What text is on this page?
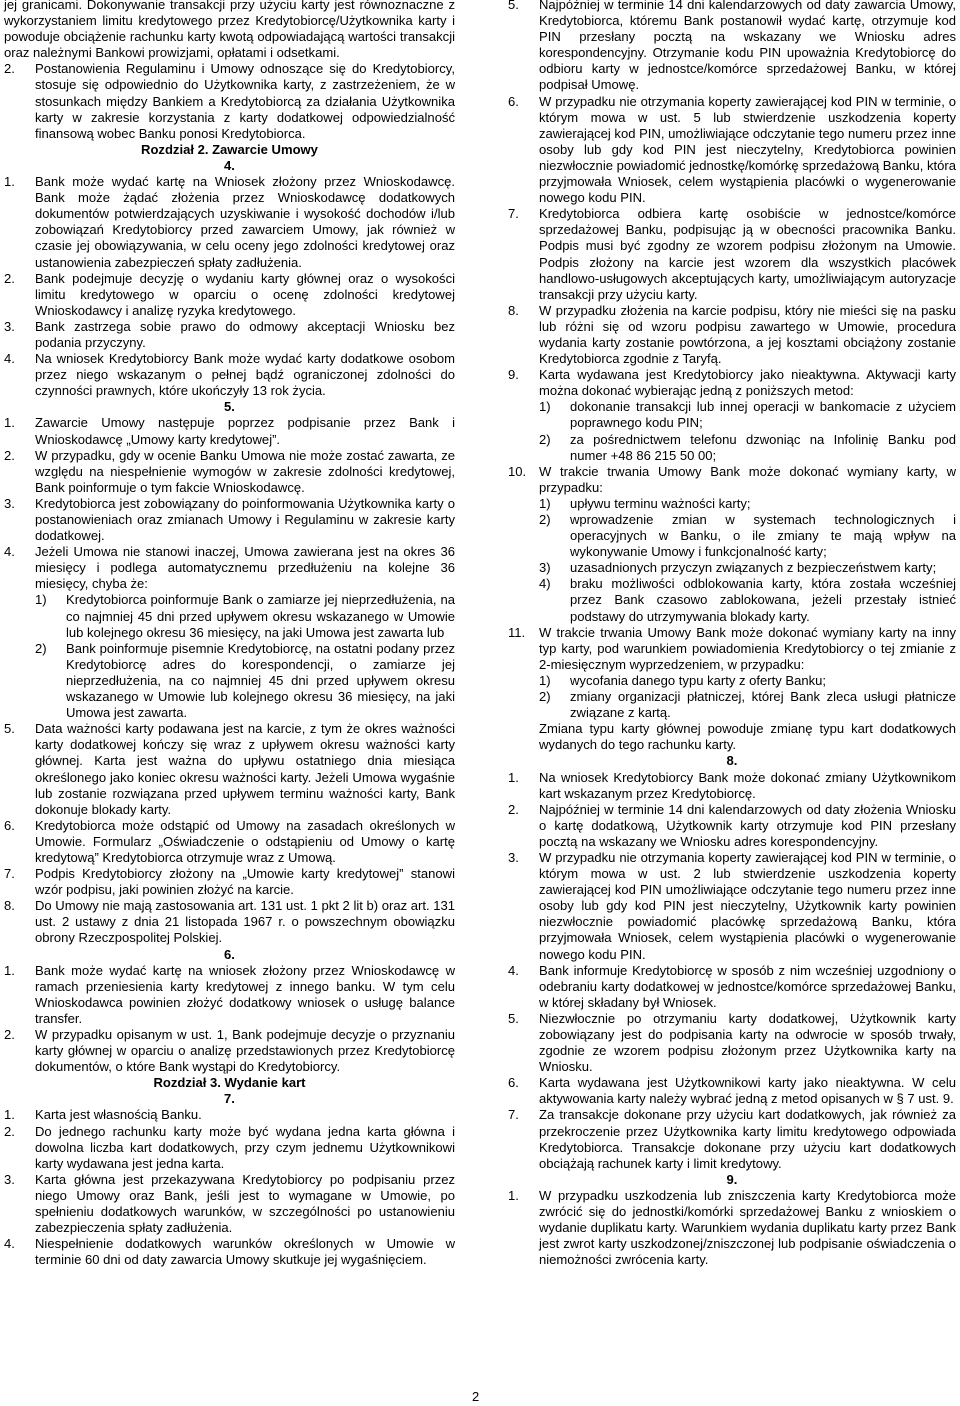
jej granicami. Dokonywanie transakcji przy użyciu karty jest równoznaczne z wykorzystaniem limitu kredytowego przez Kredytobiorcę/Użytkownika karty i powoduje obciążenie rachunku karty kwotą odpowiadającą wartości transakcji oraz należnymi Bankowi prowizjami, opłatami i odsetkami.

2.	Postanowienia Regulaminu i Umowy odnoszące się do Kredytobiorcy, stosuje się odpowiednio do Użytkownika karty, z zastrzeżeniem, że w stosunkach między Bankiem a Kredytobiorcą za działania Użytkownika karty w zakresie korzystania z karty dodatkowej odpowiedzialność finansową wobec Banku ponosi Kredytobiorca.

Rozdział 2. Zawarcie Umowy

4.

1.	Bank może wydać kartę na Wniosek złożony przez Wnioskodawcę. Bank może żądać złożenia przez Wnioskodawcę dodatkowych dokumentów potwierdzających uzyskiwanie i wysokość dochodów i/lub zobowiązań Kredytobiorcy przed zawarciem Umowy, jak również w czasie jej obowiązywania, w celu oceny jego zdolności kredytowej oraz ustanowienia zabezpieczeń spłaty zadłużenia.
2.	Bank podejmuje decyzję o wydaniu karty głównej oraz o wysokości limitu kredytowego w oparciu o ocenę zdolności kredytowej Wnioskodawcy i analizę ryzyka kredytowego.
3.	Bank zastrzega sobie prawo do odmowy akceptacji Wniosku bez podania przyczyny.
4.	Na wniosek Kredytobiorcy Bank może wydać karty dodatkowe osobom przez niego wskazanym o pełnej bądź ograniczonej zdolności do czynności prawnych, które ukończyły 13 rok życia.

5.

1.	Zawarcie Umowy następuje poprzez podpisanie przez Bank i Wnioskodawcę „Umowy karty kredytowej”.
2.	W przypadku, gdy w ocenie Banku Umowa nie może zostać zawarta, ze względu na niespełnienie wymogów w zakresie zdolności kredytowej, Bank poinformuje o tym fakcie Wnioskodawcę.
3.	Kredytobiorca jest zobowiązany do poinformowania Użytkownika karty o postanowieniach oraz zmianach Umowy i Regulaminu w zakresie karty dodatkowej.
4.	Jeżeli Umowa nie stanowi inaczej, Umowa zawierana jest na okres 36 miesięcy i podlega automatycznemu przedłużeniu na kolejne 36 miesięcy, chyba że:
1)	Kredytobiorca poinformuje Bank o zamiarze jej nieprzedłużenia, na co najmniej 45 dni przed upływem okresu wskazanego w Umowie lub kolejnego okresu 36 miesięcy, na jaki Umowa jest zawarta lub
2)	Bank poinformuje pisemnie Kredytobiorcę, na ostatni podany przez Kredytobiorcę adres do korespondencji, o zamiarze jej nieprzedłużenia, na co najmniej 45 dni przed upływem okresu wskazanego w Umowie lub kolejnego okresu 36 miesięcy, na jaki Umowa jest zawarta.
5.	Data ważności karty podawana jest na karcie, z tym że okres ważności karty dodatkowej kończy się wraz z upływem okresu ważności karty głównej. Karta jest ważna do upływu ostatniego dnia miesiąca określonego jako koniec okresu ważności karty. Jeżeli Umowa wygaśnie lub zostanie rozwiązana przed upływem terminu ważności karty, Bank dokonuje blokady karty.
6.	Kredytobiorca może odstąpić od Umowy na zasadach określonych w Umowie. Formularz „Oświadczenie o odstąpieniu od Umowy o kartę kredytową” Kredytobiorca otrzymuje wraz z Umową.
7.	Podpis Kredytobiorcy złożony na „Umowie karty kredytowej” stanowi wzór podpisu, jaki powinien złożyć na karcie.
8.	Do Umowy nie mają zastosowania art. 131 ust. 1 pkt 2 lit b) oraz art. 131 ust. 2 ustawy z dnia 21 listopada 1967 r. o powszechnym obowiązku obrony Rzeczpospolitej Polskiej.

6.

1.	Bank może wydać kartę na wniosek złożony przez Wnioskodawcę w ramach przeniesienia karty kredytowej z innego banku. W tym celu Wnioskodawca powinien złożyć dodatkowy wniosek o usługę balance transfer.
2.	W przypadku opisanym w ust. 1, Bank podejmuje decyzje o przyznaniu karty głównej w oparciu o analizę przedstawionych przez Kredytobiorcę dokumentów, o które Bank wystąpi do Kredytobiorcy.

Rozdział 3. Wydanie kart

7.

1.	Karta jest własnością Banku.
2.	Do jednego rachunku karty może być wydana jedna karta główna i dowolna liczba kart dodatkowych, przy czym jednemu Użytkownikowi karty wydawana jest jedna karta.
3.	Karta główna jest przekazywana Kredytobiorcy po podpisaniu przez niego Umowy oraz Bank, jeśli jest to wymagane w Umowie, po spełnieniu dodatkowych warunków, w szczególności po ustanowieniu zabezpieczenia spłaty zadłużenia.
4.	Niespełnienie dodatkowych warunków określonych w Umowie w terminie 60 dni od daty zawarcia Umowy skutkuje jej wygaśnięciem.
5.	Najpóźniej w terminie 14 dni kalendarzowych od daty zawarcia Umowy, Kredytobiorca, któremu Bank postanowił wydać kartę, otrzymuje kod PIN przesłany pocztą na wskazany we Wniosku adres korespondencyjny. Otrzymanie kodu PIN upoważnia Kredytobiorcę do odbioru karty w jednostce/komórce sprzedażowej Banku, w której podpisał Umowę.
6.	W przypadku nie otrzymania koperty zawierającej kod PIN w terminie, o którym mowa w ust. 5 lub stwierdzenie uszkodzenia koperty zawierającej kod PIN, umożliwiające odczytanie tego numeru przez inne osoby lub gdy kod PIN jest nieczytelny, Kredytobiorca powinien niezwłocznie powiadomić jednostkę/komórkę sprzedażową Banku, która przyjmowała Wniosek, celem wystąpienia placówki o wygenerowanie nowego kodu PIN.
7.	Kredytobiorca odbiera kartę osobiście w jednostce/komórce sprzedażowej Banku, podpisując ją w obecności pracownika Banku. Podpis musi być zgodny ze wzorem podpisu złożonym na Umowie. Podpis złożony na karcie jest wzorem dla wszystkich placówek handlowo-usługowych akceptujących karty, umożliwiającym autoryzacje transakcji przy użyciu karty.
8.	W przypadku złożenia na karcie podpisu, który nie mieści się na pasku lub różni się od wzoru podpisu zawartego w Umowie, procedura wydania karty zostanie powtórzona, a jej kosztami obciążony zostanie Kredytobiorca zgodnie z Taryfą.
9.	Karta wydawana jest Kredytobiorcy jako nieaktywna. Aktywacji karty można dokonać wybierając jedną z poniższych metod:
1)	dokonanie transakcji lub innej operacji w bankomacie z użyciem poprawnego kodu PIN;
2)	za pośrednictwem telefonu dzwoniąc na Infolinię Banku pod numer +48 86 215 50 00;
10. W trakcie trwania Umowy Bank może dokonać wymiany karty, w przypadku:
1)	upływu terminu ważności karty;
2)	wprowadzenie zmian w systemach technologicznych i operacyjnych w Banku, o ile zmiany te mają wpływ na wykonywanie Umowy i funkcjonalność karty;
3)	uzasadnionych przyczyn związanych z bezpieczeństwem karty;
4)	braku możliwości odblokowania karty, która została wcześniej przez Bank czasowo zablokowana, jeżeli przestały istnieć podstawy do utrzymywania blokady karty.
11.	W trakcie trwania Umowy Bank może dokonać wymiany karty na inny typ karty, pod warunkiem powiadomienia Kredytobiorcy o tej zmianie z 2-miesięcznym wyprzedzeniem, w przypadku:
1)	wycofania danego typu karty z oferty Banku;
2)	zmiany organizacji płatniczej, której Bank zleca usługi płatnicze związane z kartą.

Zmiana typu karty głównej powoduje zmianę typu kart dodatkowych wydanych do tego rachunku karty.

8.

1.	Na wniosek Kredytobiorcy Bank może dokonać zmiany Użytkownikom kart wskazanym przez Kredytobiorcę.
2.	Najpóźniej w terminie 14 dni kalendarzowych od daty złożenia Wniosku o kartę dodatkową, Użytkownik karty otrzymuje kod PIN przesłany pocztą na wskazany we Wniosku adres korespondencyjny.
3.	W przypadku nie otrzymania koperty zawierającej kod PIN w terminie, o którym mowa w ust. 2 lub stwierdzenie uszkodzenia koperty zawierającej kod PIN umożliwiające odczytanie tego numeru przez inne osoby lub gdy kod PIN jest nieczytelny, Użytkownik karty powinien niezwłocznie powiadomić placówkę sprzedażową Banku, która przyjmowała Wniosek, celem wystąpienia placówki o wygenerowanie nowego kodu PIN.
4.	Bank informuje Kredytobiorcę w sposób z nim wcześniej uzgodniony o odebraniu karty dodatkowej w jednostce/komórce sprzedażowej Banku, w której składany był Wniosek.
5.	Niezwłocznie po otrzymaniu karty dodatkowej, Użytkownik karty zobowiązany jest do podpisania karty na odwrocie w sposób trwały, zgodnie ze wzorem podpisu złożonym przez Użytkownika karty na Wniosku.
6.	Karta wydawana jest Użytkownikowi karty jako nieaktywna. W celu aktywowania karty należy wybrać jedną z metod opisanych w § 7 ust. 9.
7.	Za transakcje dokonane przy użyciu kart dodatkowych, jak również za przekroczenie przez Użytkownika karty limitu kredytowego odpowiada Kredytobiorca. Transakcje dokonane przy użyciu kart dodatkowych obciążają rachunek karty i limit kredytowy.

9.

1.	W przypadku uszkodzenia lub zniszczenia karty Kredytobiorca może zwrócić się do jednostki/komórki sprzedażowej Banku z wnioskiem o wydanie duplikatu karty. Warunkiem wydania duplikatu karty przez Bank jest zwrot karty uszkodzonej/zniszczonej lub podpisanie oświadczenia o niemożności zwrócenia karty.
2
